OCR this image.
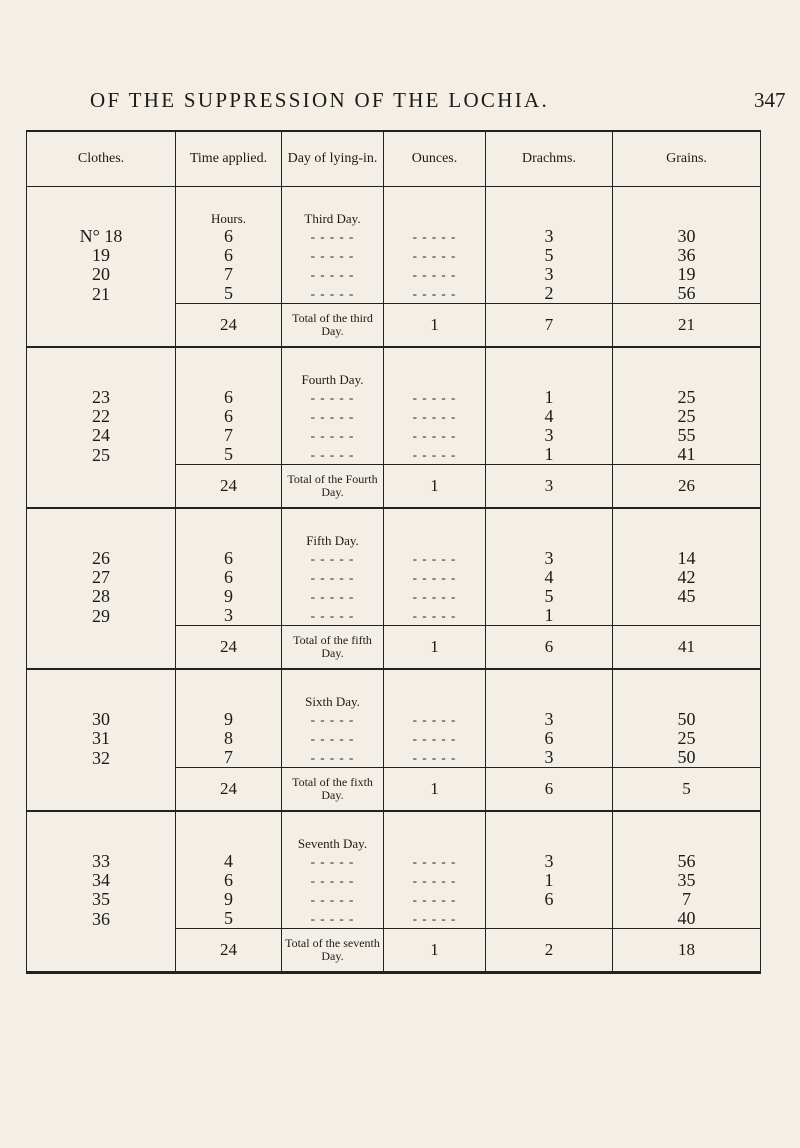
OF THE SUPPRESSION OF THE LOCHIA.	347
Clothes.	Time applied.	Day of lying-in.	Ounces.	Drachms.	Grains.
	Hours.	Third Day.			
N° 18	6	- - - - -	- - - - -	3	30
19	6	- - - - -	- - - - -	5	36
20	7	- - - - -	- - - - -	3	19
21	5	- - - - -	- - - - -	2	56
	24	Total of the third Day.	1	7	21
		Fourth Day.			
23	6	- - - - -	- - - - -	1	25
22	6	- - - - -	- - - - -	4	25
24	7	- - - - -	- - - - -	3	55
25	5	- - - - -	- - - - -	1	41
	24	Total of the Fourth Day.	1	3	26
		Fifth Day.			
26	6	- - - - -	- - - - -	3	14
27	6	- - - - -	- - - - -	4	42
28	9	- - - - -	- - - - -	5	45
29	3	- - - - -	- - - - -	1	
	24	Total of the fifth Day.	1	6	41
		Sixth Day.			
30	9	- - - - -	- - - - -	3	50
31	8	- - - - -	- - - - -	6	25
32	7	- - - - -	- - - - -	3	50
	24	Total of the fixth Day.	1	6	5
		Seventh Day.			
33	4	- - - - -	- - - - -	3	56
34	6	- - - - -	- - - - -	1	35
35	9	- - - - -	- - - - -	6	7
36	5	- - - - -	- - - - -		40
	24	Total of the seventh Day.	1	2	18
